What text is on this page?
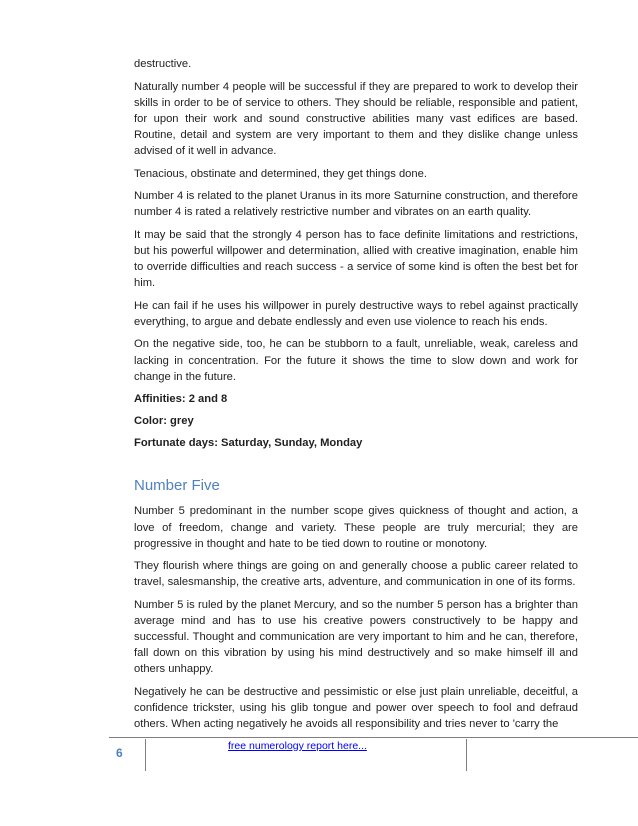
destructive.

Naturally number 4 people will be successful if they are prepared to work to develop their skills in order to be of service to others. They should be reliable, responsible and patient, for upon their work and sound constructive abilities many vast edifices are based. Routine, detail and system are very important to them and they dislike change unless advised of it well in advance.

Tenacious, obstinate and determined, they get things done.

Number 4 is related to the planet Uranus in its more Saturnine construction, and therefore number 4 is rated a relatively restrictive number and vibrates on an earth quality.

It may be said that the strongly 4 person has to face definite limitations and restrictions, but his powerful willpower and determination, allied with creative imagination, enable him to override difficulties and reach success - a service of some kind is often the best bet for him.

He can fail if he uses his willpower in purely destructive ways to rebel against practically everything, to argue and debate endlessly and even use violence to reach his ends.

On the negative side, too, he can be stubborn to a fault, unreliable, weak, careless and lacking in concentration. For the future it shows the time to slow down and work for change in the future.

Affinities: 2 and 8

Color: grey

Fortunate days: Saturday, Sunday, Monday

Number Five

Number 5 predominant in the number scope gives quickness of thought and action, a love of freedom, change and variety. These people are truly mercurial; they are progressive in thought and hate to be tied down to routine or monotony.

They flourish where things are going on and generally choose a public career related to travel, salesmanship, the creative arts, adventure, and communication in one of its forms.

Number 5 is ruled by the planet Mercury, and so the number 5 person has a brighter than average mind and has to use his creative powers constructively to be happy and successful. Thought and communication are very important to him and he can, therefore, fall down on this vibration by using his mind destructively and so make himself ill and others unhappy.

Negatively he can be destructive and pessimistic or else just plain unreliable, deceitful, a confidence trickster, using his glib tongue and power over speech to fool and defraud others. When acting negatively he avoids all responsibility and tries never to 'carry the

6	free numerology report here...
